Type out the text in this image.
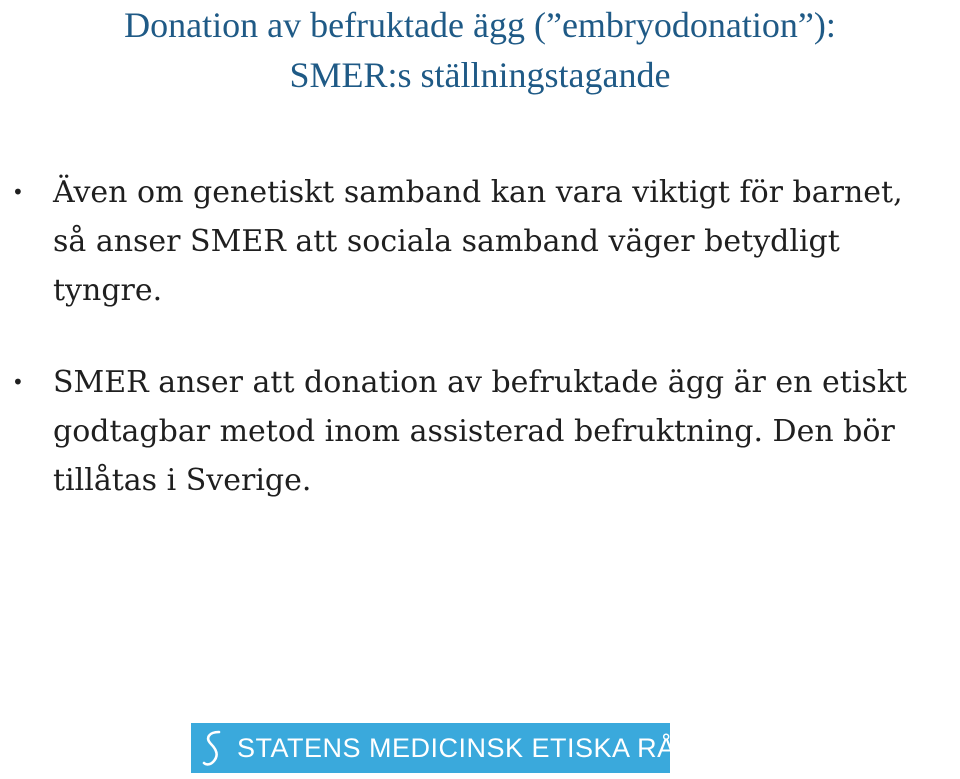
Donation av befruktade ägg (”embryodonation”):
SMER:s ställningstagande
• Även om genetiskt samband kan vara viktigt för barnet,
så anser SMER att sociala samband väger betydligt
tyngre.
• SMER anser att donation av befruktade ägg är en etiskt
godtagbar metod inom assisterad befruktning. Den bör
tillåtas i Sverige.
STATENS MEDICINSK ETISKA RÅD
